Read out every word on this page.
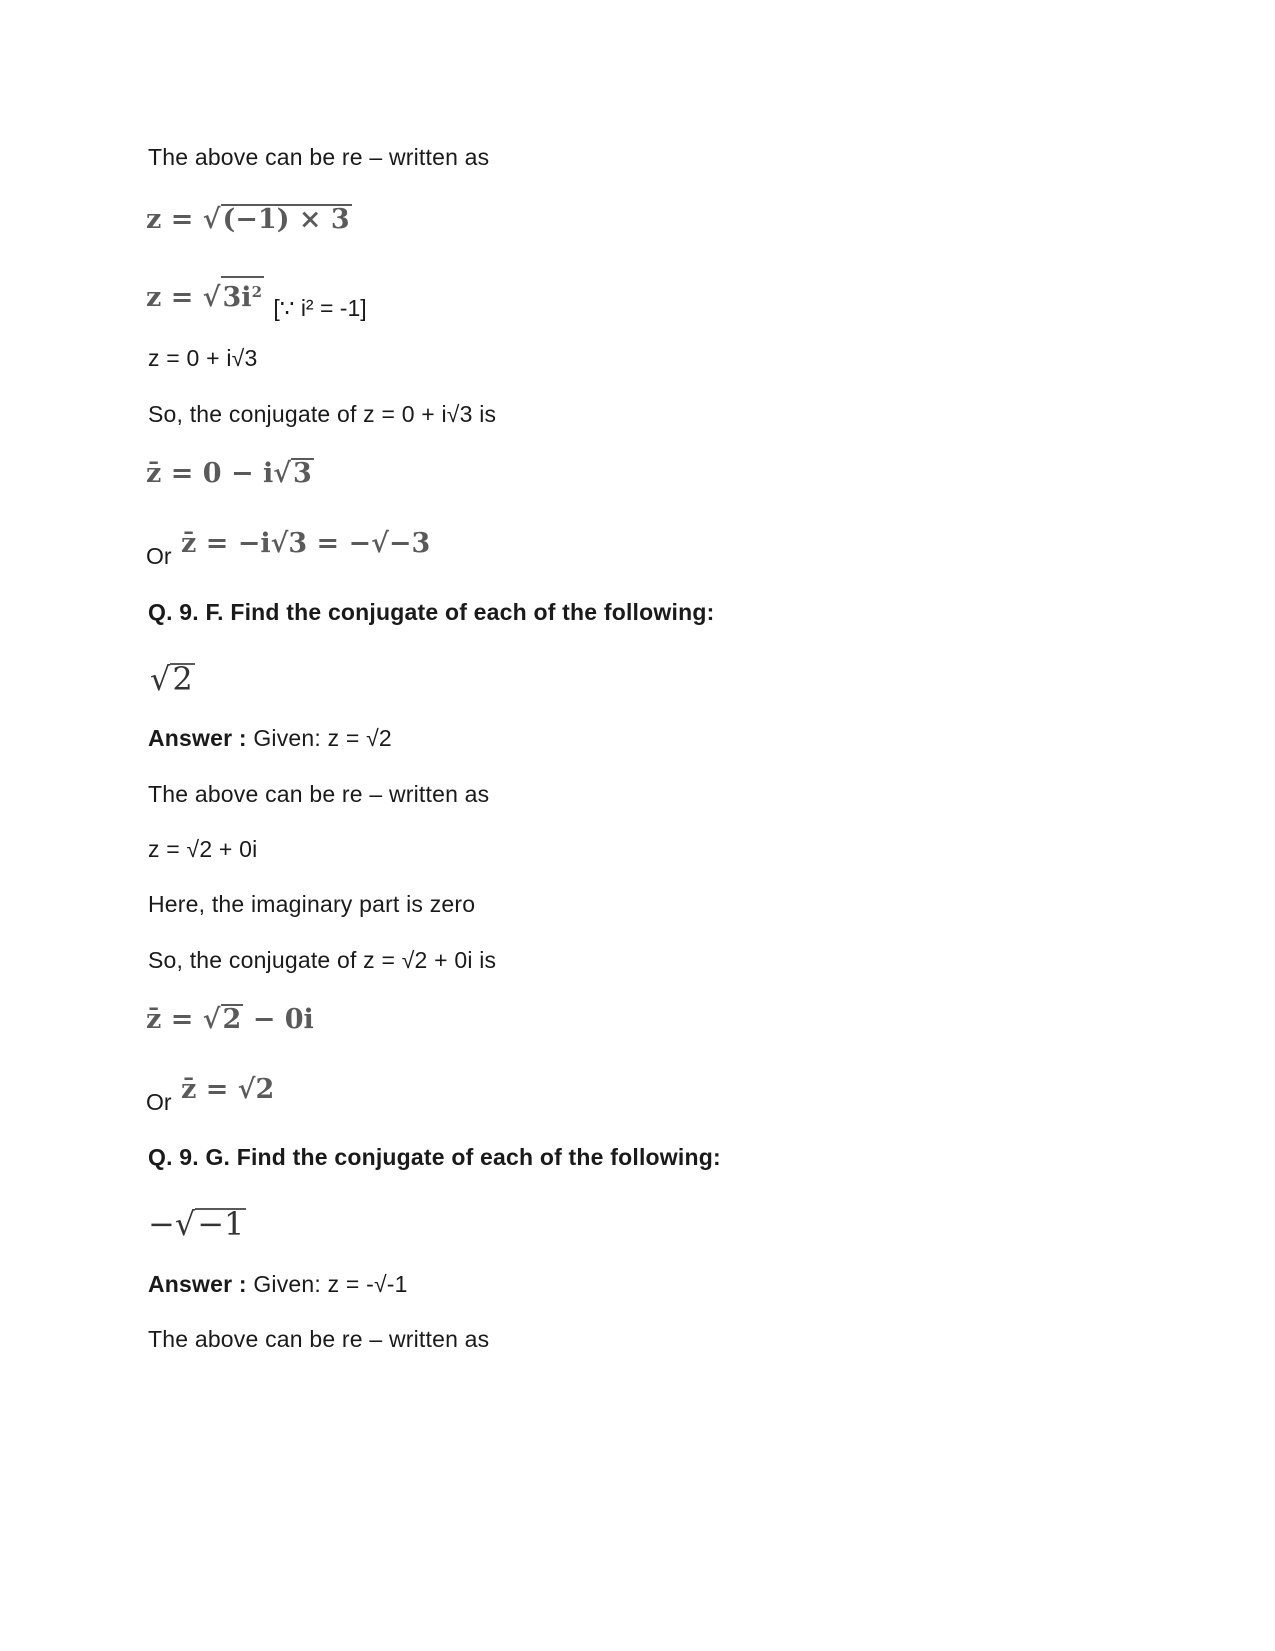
The above can be re – written as
z = √(−1) × 3
$z = √3i^2$ [∵ i² = -1]
z = 0 + i√3
So, the conjugate of z = 0 + i√3 is
z̄ = 0 − i√3
Or z̄ = −i√3 = −√−3
Q. 9. F. Find the conjugate of each of the following:
√2
Answer : Given: z = √2
The above can be re – written as
z = √2 + 0i
Here, the imaginary part is zero
So, the conjugate of z = √2 + 0i is
z̄ = √2 − 0i
Or z̄ = √2
Q. 9. G. Find the conjugate of each of the following:
−√−1
Answer : Given: z = -√-1
The above can be re – written as
